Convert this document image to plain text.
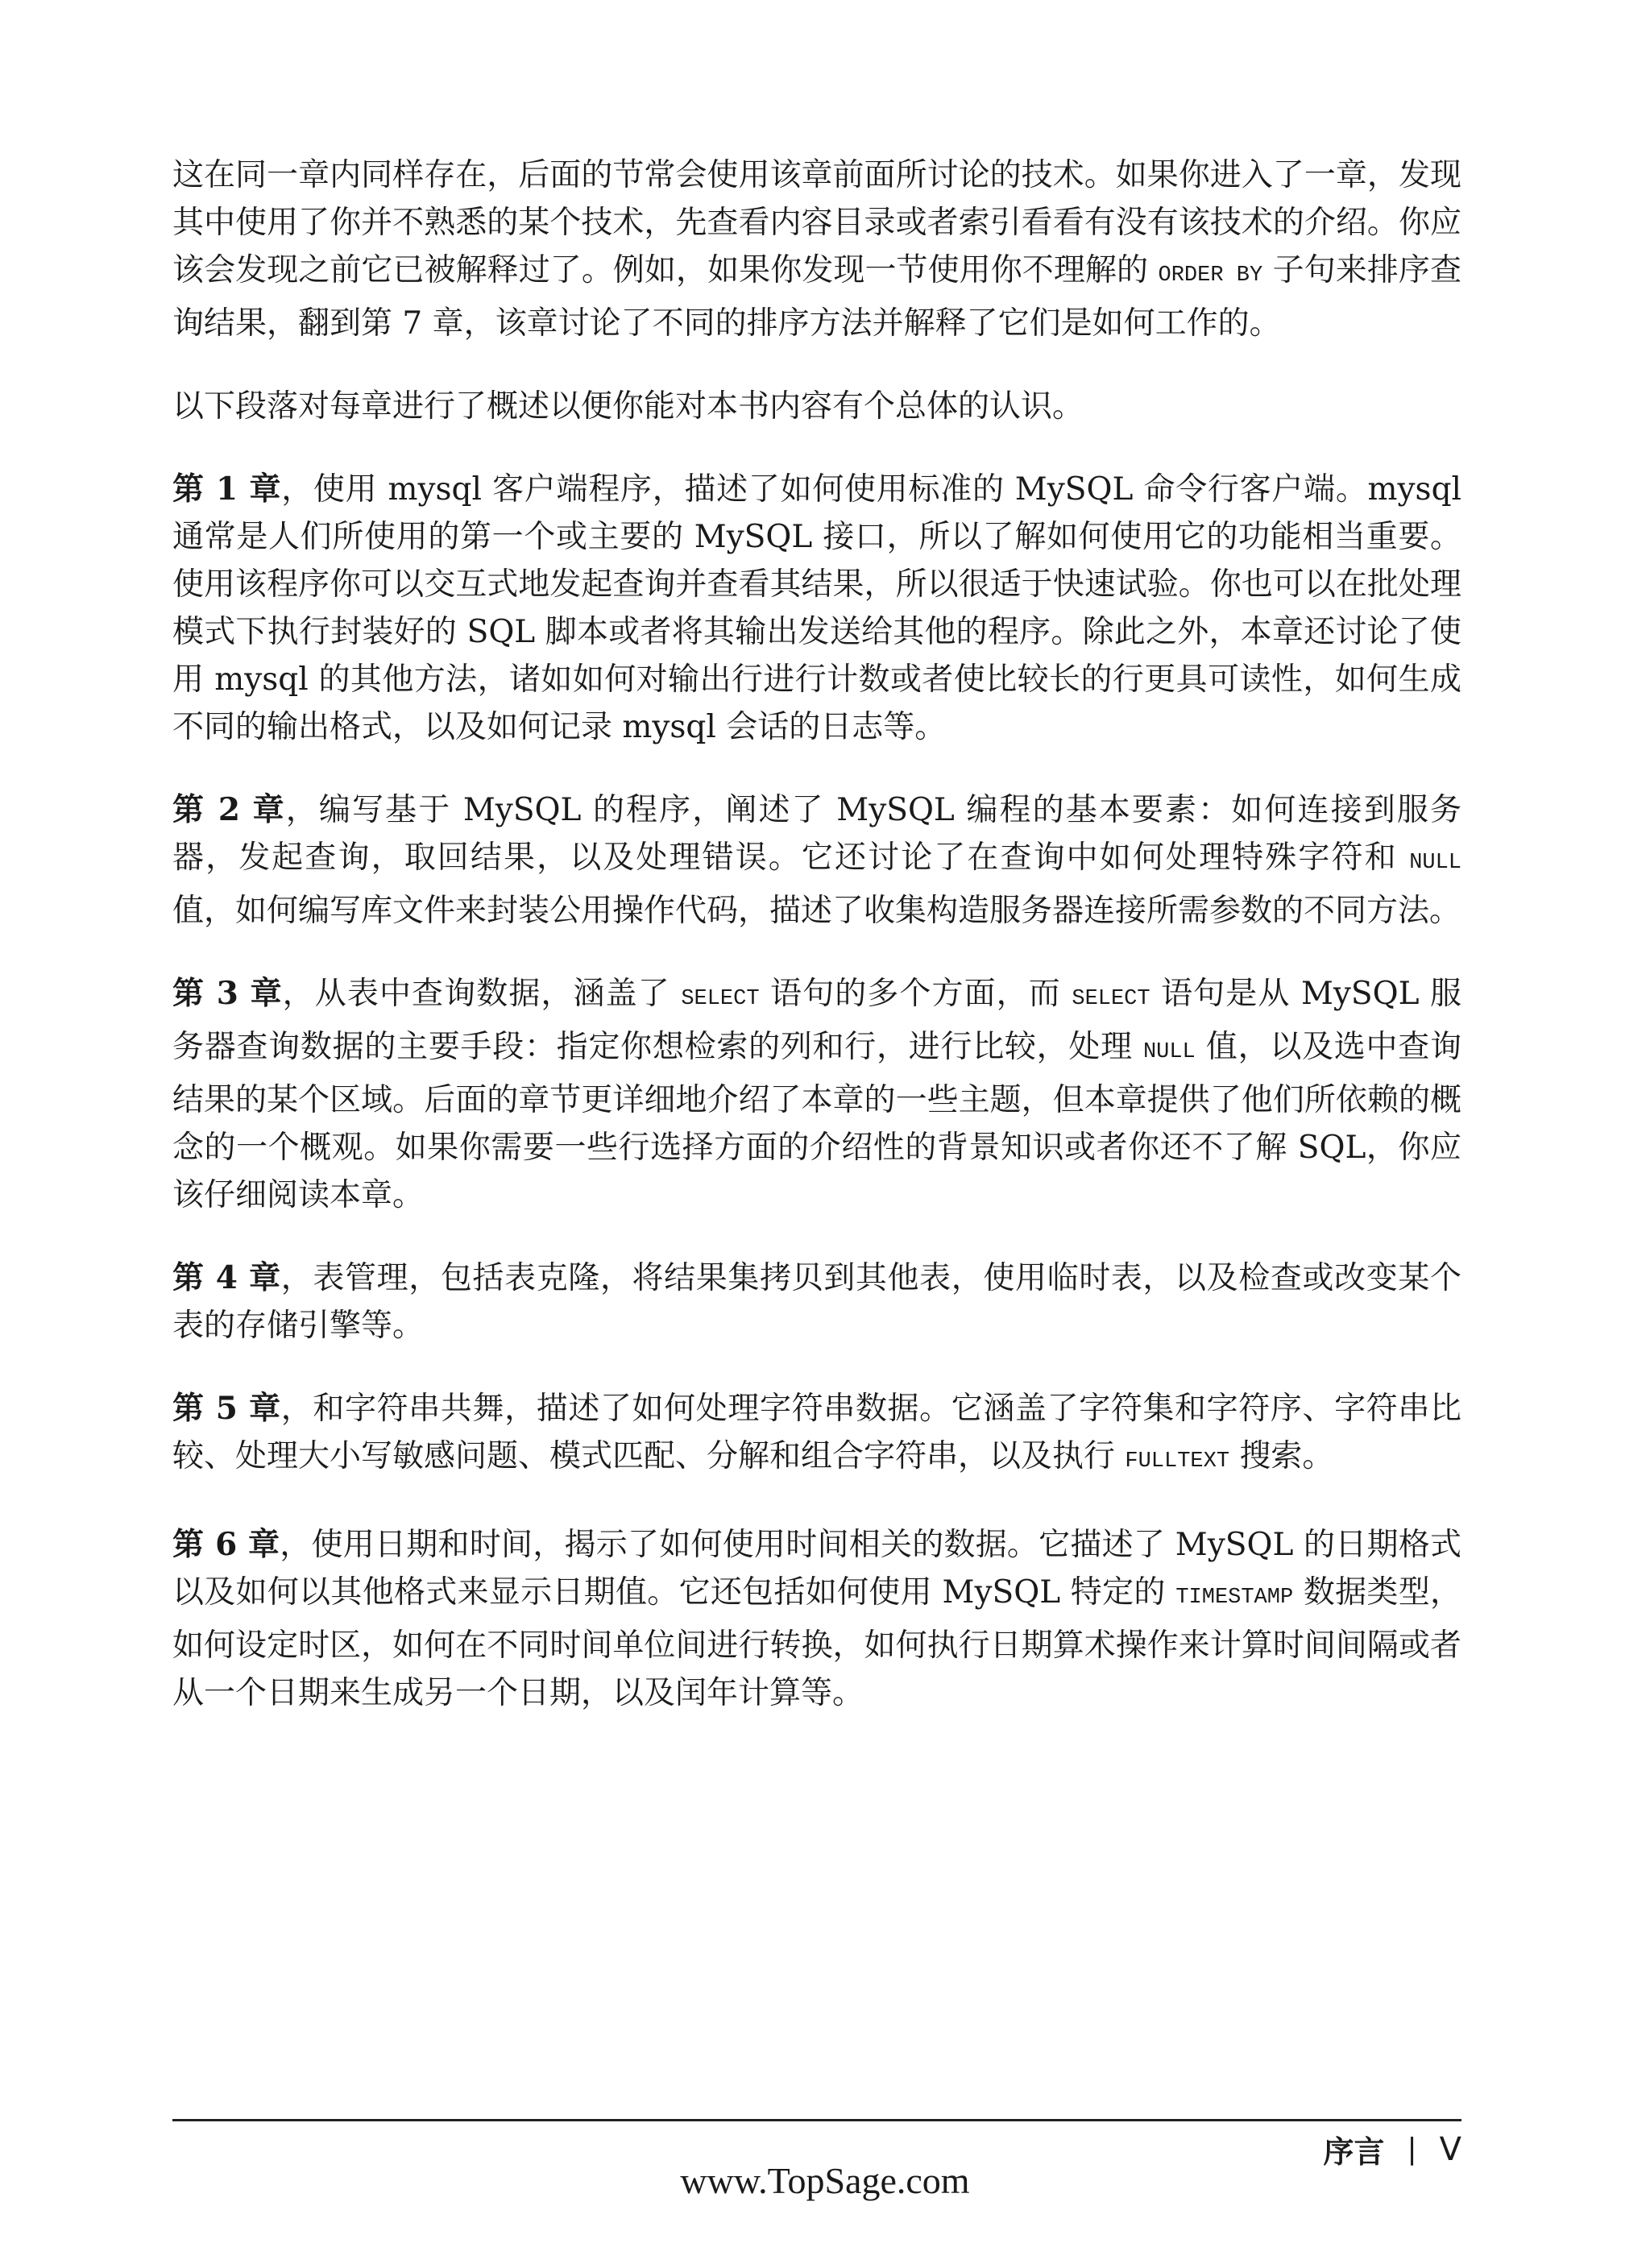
这在同一章内同样存在，后面的节常会使用该章前面所讨论的技术。如果你进入了一章，发现其中使用了你并不熟悉的某个技术，先查看内容目录或者索引看看有没有该技术的介绍。你应该会发现之前它已被解释过了。例如，如果你发现一节使用你不理解的 ORDER BY 子句来排序查询结果，翻到第 7 章，该章讨论了不同的排序方法并解释了它们是如何工作的。

以下段落对每章进行了概述以便你能对本书内容有个总体的认识。

第 1 章，使用 mysql 客户端程序，描述了如何使用标准的 MySQL 命令行客户端。mysql 通常是人们所使用的第一个或主要的 MySQL 接口，所以了解如何使用它的功能相当重要。使用该程序你可以交互式地发起查询并查看其结果，所以很适于快速试验。你也可以在批处理模式下执行封装好的 SQL 脚本或者将其输出发送给其他的程序。除此之外，本章还讨论了使用 mysql 的其他方法，诸如如何对输出行进行计数或者使比较长的行更具可读性，如何生成不同的输出格式，以及如何记录 mysql 会话的日志等。

第 2 章，编写基于 MySQL 的程序，阐述了 MySQL 编程的基本要素：如何连接到服务器，发起查询，取回结果，以及处理错误。它还讨论了在查询中如何处理特殊字符和 NULL 值，如何编写库文件来封装公用操作代码，描述了收集构造服务器连接所需参数的不同方法。

第 3 章，从表中查询数据，涵盖了 SELECT 语句的多个方面，而 SELECT 语句是从 MySQL 服务器查询数据的主要手段：指定你想检索的列和行，进行比较，处理 NULL 值，以及选中查询结果的某个区域。后面的章节更详细地介绍了本章的一些主题，但本章提供了他们所依赖的概念的一个概观。如果你需要一些行选择方面的介绍性的背景知识或者你还不了解 SQL，你应该仔细阅读本章。

第 4 章，表管理，包括表克隆，将结果集拷贝到其他表，使用临时表，以及检查或改变某个表的存储引擎等。

第 5 章，和字符串共舞，描述了如何处理字符串数据。它涵盖了字符集和字符序、字符串比较、处理大小写敏感问题、模式匹配、分解和组合字符串，以及执行 FULLTEXT 搜索。

第 6 章，使用日期和时间，揭示了如何使用时间相关的数据。它描述了 MySQL 的日期格式以及如何以其他格式来显示日期值。它还包括如何使用 MySQL 特定的 TIMESTAMP 数据类型，如何设定时区，如何在不同时间单位间进行转换，如何执行日期算术操作来计算时间间隔或者从一个日期来生成另一个日期，以及闰年计算等。

序言 | V
www.TopSage.com
